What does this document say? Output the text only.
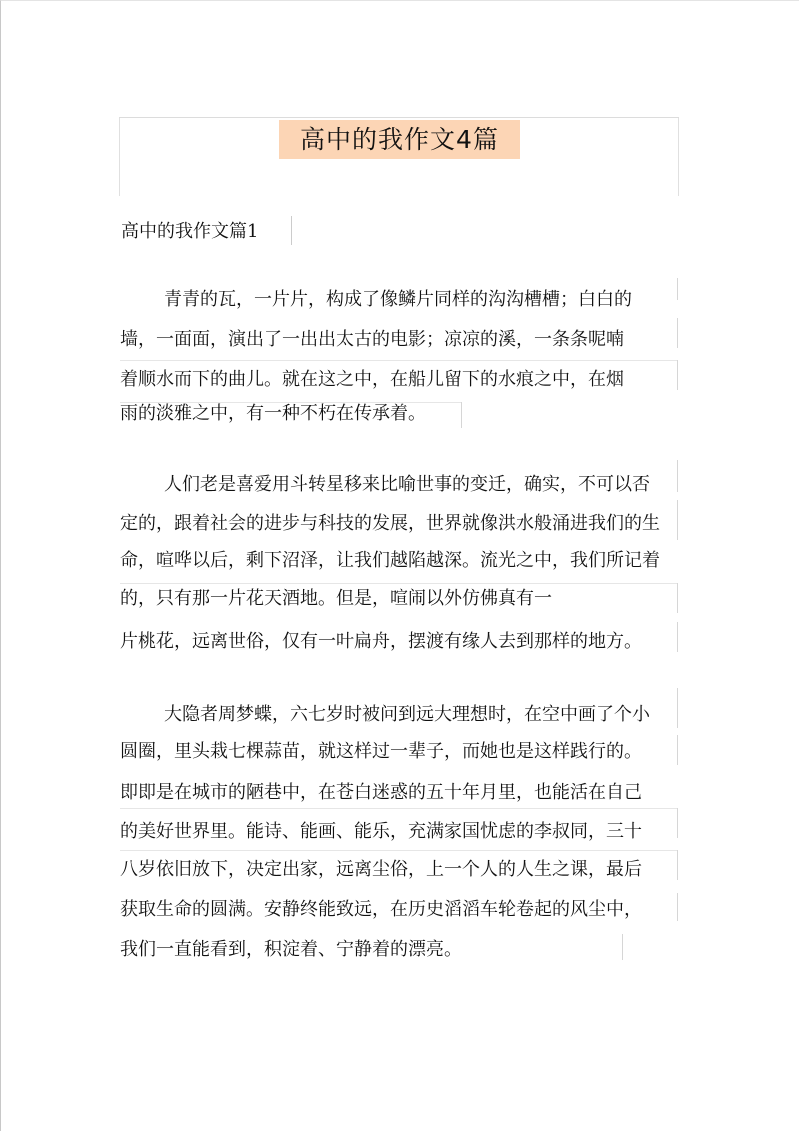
高中的我作文4篇
高中的我作文篇1
青青的瓦，一片片，构成了像鳞片同样的沟沟槽槽；白白的
墙，一面面，演出了一出出太古的电影；凉凉的溪，一条条呢喃
着顺水而下的曲儿。就在这之中，在船儿留下的水痕之中，在烟
雨的淡雅之中，有一种不朽在传承着。
人们老是喜爱用斗转星移来比喻世事的变迁，确实，不可以否
定的，跟着社会的进步与科技的发展，世界就像洪水般涌进我们的生
命，喧哗以后，剩下沼泽，让我们越陷越深。流光之中，我们所记着
的，只有那一片花天酒地。但是，喧闹以外仿佛真有一
片桃花，远离世俗，仅有一叶扁舟，摆渡有缘人去到那样的地方。
大隐者周梦蝶，六七岁时被问到远大理想时，在空中画了个小
圆圈，里头栽七棵蒜苗，就这样过一辈子，而她也是这样践行的。
即即是在城市的陋巷中，在苍白迷惑的五十年月里，也能活在自己
的美好世界里。能诗、能画、能乐，充满家国忧虑的李叔同，三十
八岁依旧放下，决定出家，远离尘俗，上一个人的人生之课，最后
获取生命的圆满。安静终能致远，在历史滔滔车轮卷起的风尘中，
我们一直能看到，积淀着、宁静着的漂亮。
